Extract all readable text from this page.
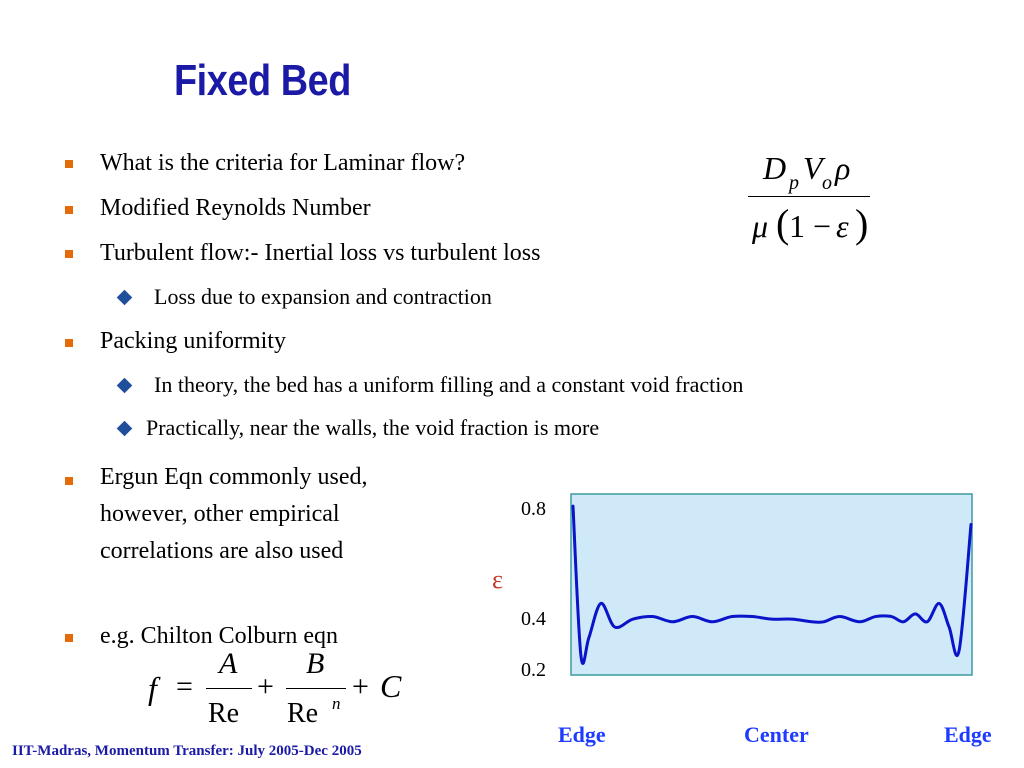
Fixed Bed
What is the criteria for Laminar flow?
Modified Reynolds Number
Turbulent flow:- Inertial loss vs turbulent loss
Loss due to expansion and contraction
Packing uniformity
In theory, the bed has a uniform filling and a constant void fraction
Practically, near the walls, the void fraction is more
Ergun Eqn commonly used, however, other empirical correlations are also used
e.g. Chilton Colburn eqn
D p V o ρ
μ ( 1 − ε )
f =
A
Re
+
B
Re n
+ C
ε
0.8
0.4
0.2
Edge	Center	Edge
IIT-Madras, Momentum Transfer: July 2005-Dec 2005
